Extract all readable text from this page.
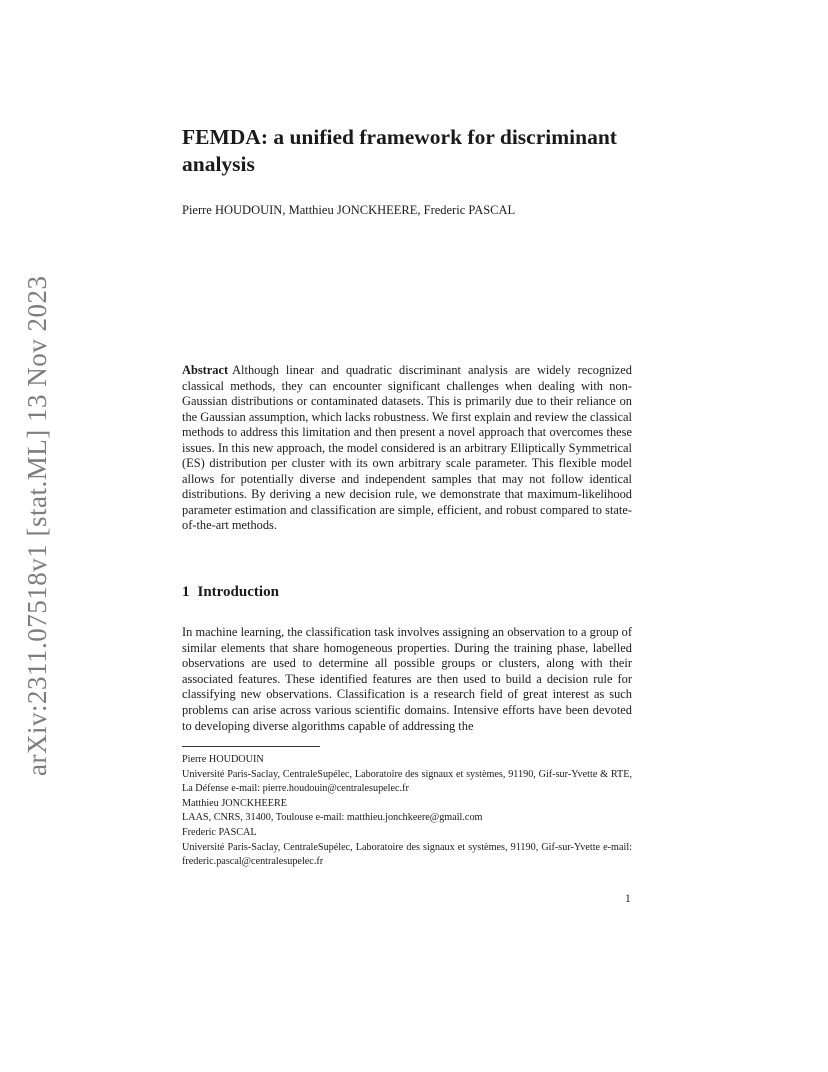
arXiv:2311.07518v1 [stat.ML] 13 Nov 2023
FEMDA: a unified framework for discriminant analysis
Pierre HOUDOUIN, Matthieu JONCKHEERE, Frederic PASCAL

Abstract Although linear and quadratic discriminant analysis are widely recognized classical methods, they can encounter significant challenges when dealing with non-Gaussian distributions or contaminated datasets. This is primarily due to their reliance on the Gaussian assumption, which lacks robustness. We first explain and review the classical methods to address this limitation and then present a novel approach that overcomes these issues. In this new approach, the model considered is an arbitrary Elliptically Symmetrical (ES) distribution per cluster with its own arbitrary scale parameter. This flexible model allows for potentially diverse and independent samples that may not follow identical distributions. By deriving a new decision rule, we demonstrate that maximum-likelihood parameter estimation and classification are simple, efficient, and robust compared to state-of-the-art methods.

1 Introduction

In machine learning, the classification task involves assigning an observation to a group of similar elements that share homogeneous properties. During the training phase, labelled observations are used to determine all possible groups or clusters, along with their associated features. These identified features are then used to build a decision rule for classifying new observations. Classification is a research field of great interest as such problems can arise across various scientific domains. Intensive efforts have been devoted to developing diverse algorithms capable of addressing the

Pierre HOUDOUIN
Université Paris-Saclay, CentraleSupélec, Laboratoire des signaux et systèmes, 91190, Gif-sur-Yvette & RTE, La Défense e-mail: pierre.houdouin@centralesupelec.fr
Matthieu JONCKHEERE
LAAS, CNRS, 31400, Toulouse e-mail: matthieu.jonchkeere@gmail.com
Frederic PASCAL
Université Paris-Saclay, CentraleSupélec, Laboratoire des signaux et systèmes, 91190, Gif-sur-Yvette e-mail: frederic.pascal@centralesupelec.fr
1
